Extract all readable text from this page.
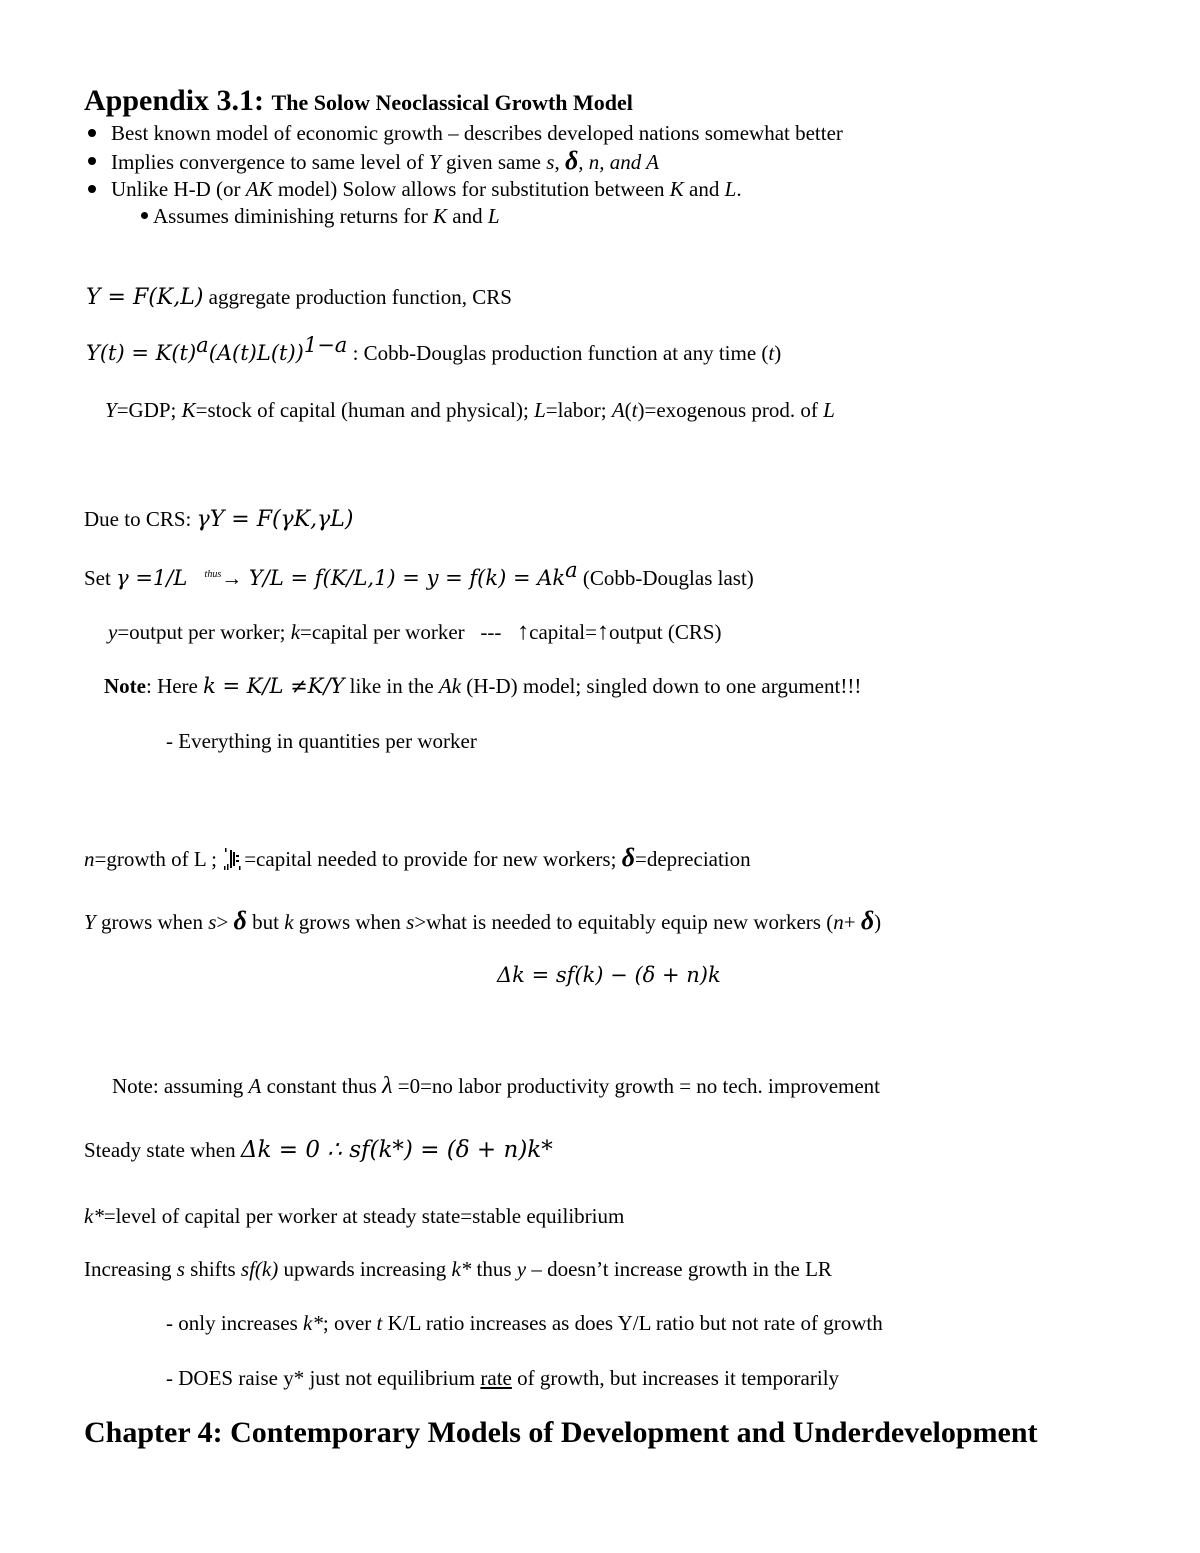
Appendix 3.1: The Solow Neoclassical Growth Model
Best known model of economic growth – describes developed nations somewhat better
Implies convergence to same level of Y given same s, δ, n, and A
Unlike H-D (or AK model) Solow allows for substitution between K and L.
Assumes diminishing returns for K and L
Y = F(K,L) aggregate production function, CRS
$Y(t) = K(t)^a(A(t)L(t))^{1-a}$ : Cobb-Douglas production function at any time (t)
Y=GDP; K=stock of capital (human and physical); L=labor; A(t)=exogenous prod. of L
Due to CRS: γY = F(γK,γL)
Set γ =1/L $^{thus}\to Y/L = f(K/L,1) = y = f(k) = Ak^a$ (Cobb-Douglas last)
y=output per worker; k=capital per worker   ---   ↑capital=↑output (CRS)
Note: Here k = K/L ≠K/Y like in the Ak (H-D) model; singled down to one argument!!!
- Everything in quantities per worker
n=growth of L ; =capital needed to provide for new workers; δ=depreciation
Y grows when s> δ but k grows when s>what is needed to equitably equip new workers (n+ δ)
Δk = sf(k) − (δ + n)k
Note: assuming A constant thus λ =0=no labor productivity growth = no tech. improvement
Steady state when Δk = 0 ∴ sf(k*) = (δ + n)k*
k*=level of capital per worker at steady state=stable equilibrium
Increasing s shifts sf(k) upwards increasing k* thus y – doesn’t increase growth in the LR
- only increases k*; over t K/L ratio increases as does Y/L ratio but not rate of growth
- DOES raise y* just not equilibrium rate of growth, but increases it temporarily
Chapter 4: Contemporary Models of Development and Underdevelopment
